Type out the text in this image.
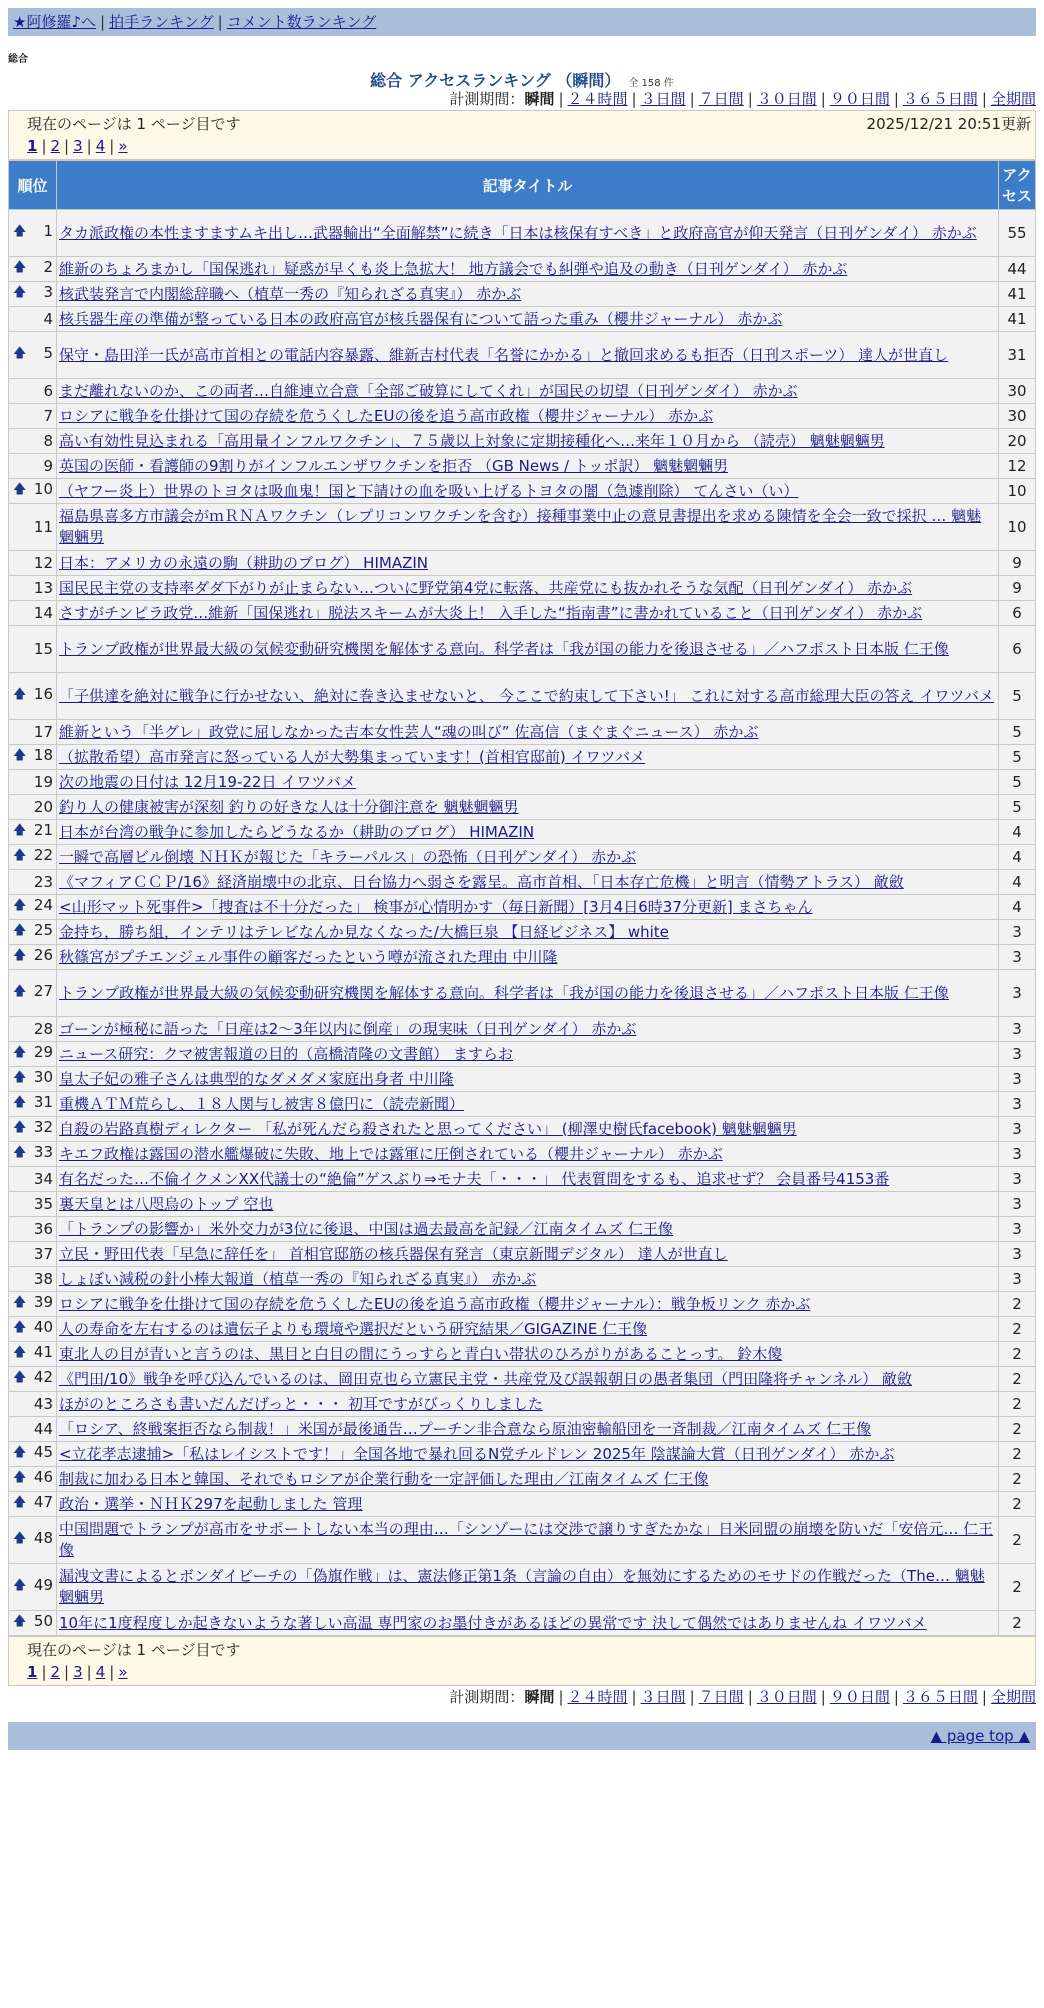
★阿修羅♪へ | 拍手ランキング | コメント数ランキング
総合
総合 アクセスランキング （瞬間） 全 158 件
計測期間：瞬間 | ２４時間 | ３日間 | ７日間 | ３０日間 | ９０日間 | ３６５日間 | 全期間
現在のページは 1 ページ目です	2025/12/21 20:51更新
1 | 2 | 3 | 4 | »
順位	記事タイトル	アクセス

🡅 1	タカ派政権の本性ますますムキ出し…武器輸出“全面解禁”に続き「日本は核保有すべき」と政府高官が仰天発言（日刊ゲンダイ） 赤かぶ	55

🡅 2	維新のちょろまかし「国保逃れ」疑惑が早くも炎上急拡大！ 地方議会でも糾弾や追及の動き（日刊ゲンダイ） 赤かぶ	44

🡅 3	核武装発言で内閣総辞職へ（植草一秀の『知られざる真実』） 赤かぶ	41
4	核兵器生産の準備が整っている日本の政府高官が核兵器保有について語った重み（櫻井ジャーナル） 赤かぶ	41

🡅 5	保守・島田洋一氏が高市首相との電話内容暴露、維新吉村代表「名誉にかかる」と撤回求めるも拒否（日刊スポーツ） 達人が世直し	31
6	まだ離れないのか、この両者…自維連立合意「全部ご破算にしてくれ」が国民の切望（日刊ゲンダイ） 赤かぶ	30
7	ロシアに戦争を仕掛けて国の存続を危うくしたEUの後を追う高市政権（櫻井ジャーナル） 赤かぶ	30
8	高い有効性見込まれる「高用量インフルワクチン」、７５歳以上対象に定期接種化へ…来年１０月から （読売） 魑魅魍魎男	20
9	英国の医師・看護師の9割りがインフルエンザワクチンを拒否 （GB News / トッポ訳） 魑魅魍魎男	12

🡅 10	（ヤフー炎上）世界のトヨタは吸血鬼！国と下請けの血を吸い上げるトヨタの闇（急遽削除） てんさい（い）	10
11	福島県喜多方市議会がｍＲＮＡワクチン（レプリコンワクチンを含む）接種事業中止の意見書提出を求める陳情を全会一致で採択 … 魑魅魍魎男	10
12	日本：アメリカの永遠の駒（耕助のブログ） HIMAZIN	9
13	国民民主党の支持率ダダ下がりが止まらない…ついに野党第4党に転落、共産党にも抜かれそうな気配（日刊ゲンダイ） 赤かぶ	9
14	さすがチンピラ政党…維新「国保逃れ」脱法スキームが大炎上！ 入手した“指南書”に書かれていること（日刊ゲンダイ） 赤かぶ	6
15	トランプ政権が世界最大級の気候変動研究機関を解体する意向。科学者は「我が国の能力を後退させる」／ハフポスト日本版 仁王像	6

🡅 16	「子供達を絶対に戦争に行かせない、絶対に巻き込ませないと、 今ここで約束して下さい!」 これに対する高市総理大臣の答え イワツバメ	5
17	維新という「半グレ」政党に屈しなかった吉本女性芸人“魂の叫び” 佐高信（まぐまぐニュース） 赤かぶ	5

🡅 18	（拡散希望）高市発言に怒っている人が大勢集まっています！(首相官邸前) イワツバメ	5
19	次の地震の日付は 12月19-22日 イワツバメ	5
20	釣り人の健康被害が深刻 釣りの好きな人は十分御注意を 魑魅魍魎男	5

🡅 21	日本が台湾の戦争に参加したらどうなるか（耕助のブログ） HIMAZIN	4

🡅 22	一瞬で高層ビル倒壊 ＮＨＫが報じた「キラーパルス」の恐怖（日刊ゲンダイ） 赤かぶ	4
23	《マフィアＣＣＰ/16》経済崩壊中の北京、日台協力へ弱さを露呈。高市首相、「日本存亡危機」と明言（情勢アトラス） 敵斂	4

🡅 24	<山形マット死事件>「捜査は不十分だった」 検事が心情明かす（毎日新聞）[3月4日6時37分更新] まさちゃん	4

🡅 25	金持ち，勝ち組，インテリはテレビなんか見なくなった/大橋巨泉 【日経ビジネス】 white	3

🡅 26	秋篠宮がプチエンジェル事件の顧客だったという噂が流された理由 中川隆	3

🡅 27	トランプ政権が世界最大級の気候変動研究機関を解体する意向。科学者は「我が国の能力を後退させる」／ハフポスト日本版 仁王像	3
28	ゴーンが極秘に語った「日産は2～3年以内に倒産」の現実味（日刊ゲンダイ） 赤かぶ	3

🡅 29	ニュース研究：クマ被害報道の目的（高橋清隆の文書館） ますらお	3

🡅 30	皇太子妃の雅子さんは典型的なダメダメ家庭出身者 中川隆	3

🡅 31	重機ＡＴＭ荒らし、１８人関与し被害８億円に（読売新聞）	3

🡅 32	自殺の岩路真樹ディレクター 「私が死んだら殺されたと思ってください」 (柳澤史樹氏facebook) 魑魅魍魎男	3

🡅 33	キエフ政権は露国の潜水艦爆破に失敗、地上では露軍に圧倒されている（櫻井ジャーナル） 赤かぶ	3
34	有名だった…不倫イクメンXX代議士の“絶倫”ゲスぶり⇒モナ夫「・・・」 代表質問をするも、追求せず？ 会員番号4153番	3
35	裏天皇とは八咫烏のトップ 空也	3
36	「トランプの影響か」米外交力が3位に後退、中国は過去最高を記録／江南タイムズ 仁王像	3
37	立民・野田代表「早急に辞任を」 首相官邸筋の核兵器保有発言（東京新聞デジタル） 達人が世直し	3
38	しょぼい減税の針小棒大報道（植草一秀の『知られざる真実』） 赤かぶ	3

🡅 39	ロシアに戦争を仕掛けて国の存続を危うくしたEUの後を追う高市政権（櫻井ジャーナル）：戦争板リンク 赤かぶ	2

🡅 40	人の寿命を左右するのは遺伝子よりも環境や選択だという研究結果／GIGAZINE 仁王像	2

🡅 41	東北人の目が青いと言うのは、黒目と白目の間にうっすらと青白い帯状のひろがりがあることっす。 鈴木傻	2

🡅 42	《門田/10》戦争を呼び込んでいるのは、岡田克也ら立憲民主党・共産党及び誤報朝日の愚者集団（門田隆将チャンネル） 敵斂	2
43	ほがのところさも書いだんだげっと・・・ 初耳ですがびっくりしました	2
44	「ロシア、終戦案拒否なら制裁！」米国が最後通告…プーチン非合意なら原油密輸船団を一斉制裁／江南タイムズ 仁王像	2

🡅 45	<立花孝志逮捕>「私はレイシストです！」全国各地で暴れ回るN党チルドレン 2025年 陰謀論大賞（日刊ゲンダイ） 赤かぶ	2

🡅 46	制裁に加わる日本と韓国、それでもロシアが企業行動を一定評価した理由／江南タイムズ 仁王像	2

🡅 47	政治・選挙・ＮＨＫ297を起動しました 管理	2

🡅 48	中国問題でトランプが高市をサポートしない本当の理由…「シンゾーには交渉で譲りすぎたかな」日米同盟の崩壊を防いだ「安倍元… 仁王像	2

🡅 49	漏洩文書によるとボンダイビーチの「偽旗作戦」は、憲法修正第1条（言論の自由）を無効にするためのモサドの作戦だった（The… 魑魅魍魎男	2

🡅 50	10年に1度程度しか起きないような著しい高温 専門家のお墨付きがあるほどの異常です 決して偶然ではありませんね イワツバメ	2
現在のページは 1 ページ目です
1 | 2 | 3 | 4 | »
計測期間：瞬間 | ２４時間 | ３日間 | ７日間 | ３０日間 | ９０日間 | ３６５日間 | 全期間
▲ page top ▲
